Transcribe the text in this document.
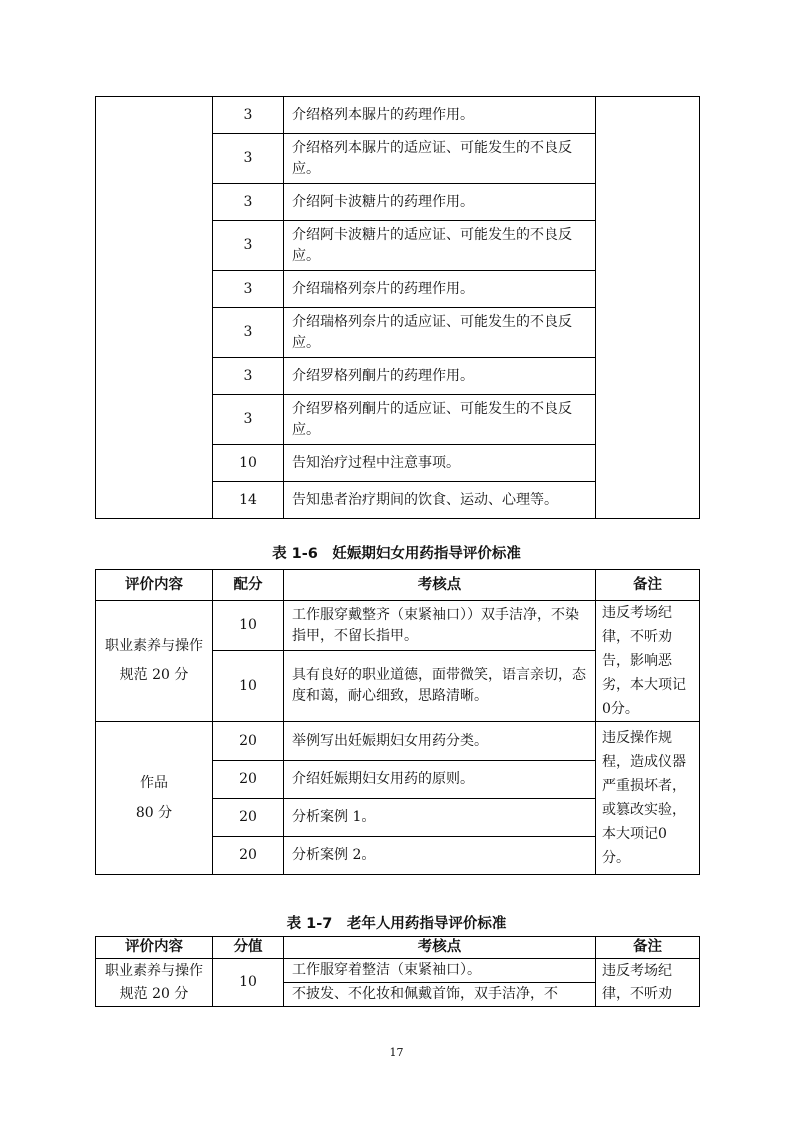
	3	介绍格列本脲片的药理作用。	
	3	介绍格列本脲片的适应证、可能发生的不良反应。	
	3	介绍阿卡波糖片的药理作用。	
	3	介绍阿卡波糖片的适应证、可能发生的不良反应。	
	3	介绍瑞格列奈片的药理作用。	
	3	介绍瑞格列奈片的适应证、可能发生的不良反应。	
	3	介绍罗格列酮片的药理作用。	
	3	介绍罗格列酮片的适应证、可能发生的不良反应。	
	10	告知治疗过程中注意事项。	
	14	告知患者治疗期间的饮食、运动、心理等。	
表 1-6　妊娠期妇女用药指导评价标准
评价内容	配分	考核点	备注
职业素养与操作规范 20 分	10	工作服穿戴整齐（束紧袖口））双手洁净，不染指甲，不留长指甲。	违反考场纪律，不听劝告，影响恶劣，本大项记0分。
	10	具有良好的职业道德，面带微笑，语言亲切，态度和蔼，耐心细致，思路清晰。	

作品
80 分	20	举例写出妊娠期妇女用药分类。	违反操作规程，造成仪器严重损坏者，或篡改实验，本大项记0分。
	20	介绍妊娠期妇女用药的原则。	
	20	分析案例 1。	
	20	分析案例 2。	
表 1-7　老年人用药指导评价标准
评价内容	分值	考核点	备注
职业素养与操作规范 20 分	10	工作服穿着整洁（束紧袖口）。	违反考场纪律，不听劝
		不披发、不化妆和佩戴首饰，双手洁净，不	
17
